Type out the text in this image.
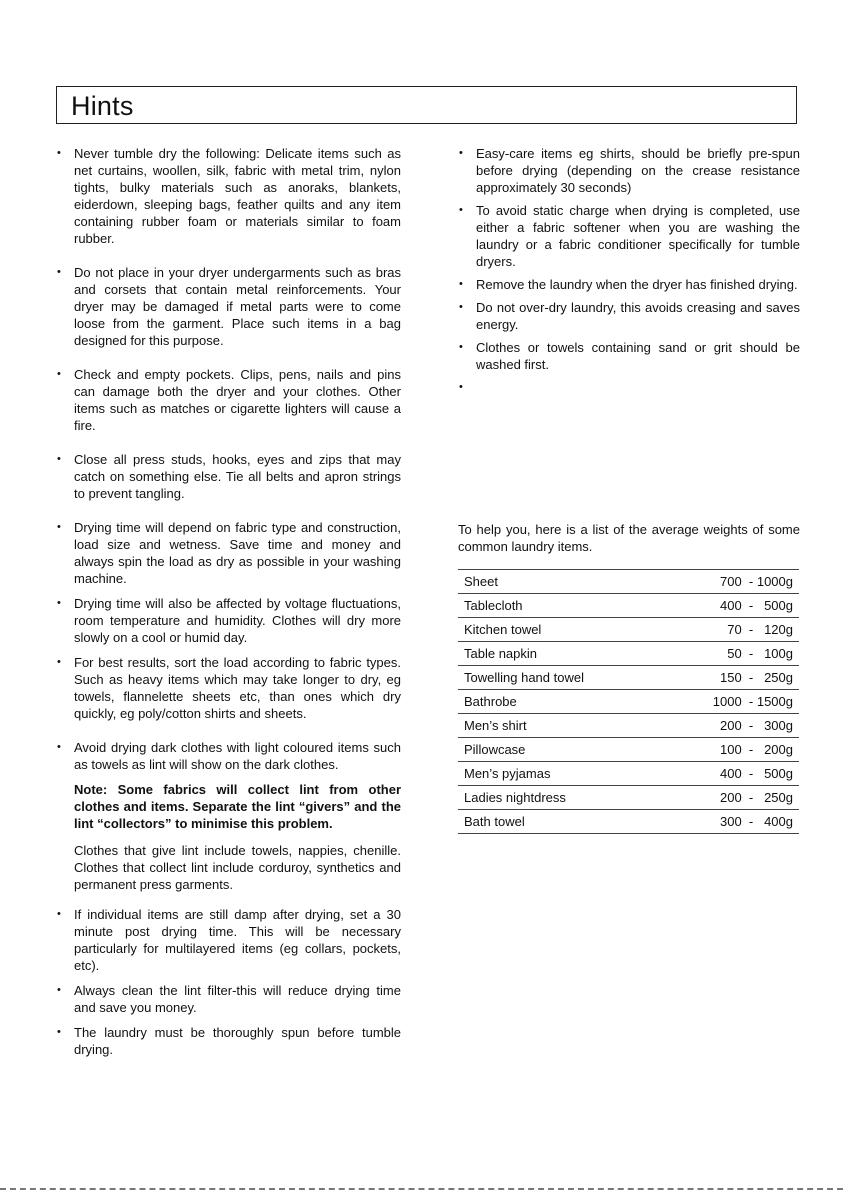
Hints
• Never tumble dry the following: Delicate items such as net curtains, woollen, silk, fabric with metal trim, nylon tights, bulky materials such as anoraks, blankets, eiderdown, sleeping bags, feather quilts and any item containing rubber foam or materials similar to foam rubber.
• Do not place in your dryer undergarments such as bras and corsets that contain metal reinforcements. Your dryer may be damaged if metal parts were to come loose from the garment. Place such items in a bag designed for this purpose.
• Check and empty pockets. Clips, pens, nails and pins can damage both the dryer and your clothes. Other items such as matches or cigarette lighters will cause a fire.
• Close all press studs, hooks, eyes and zips that may catch on something else. Tie all belts and apron strings to prevent tangling.
• Drying time will depend on fabric type and construction, load size and wetness. Save time and money and always spin the load as dry as possible in your washing machine.
• Drying time will also be affected by voltage fluctuations, room temperature and humidity. Clothes will dry more slowly on a cool or humid day.
• For best results, sort the load according to fabric types. Such as heavy items which may take longer to dry, eg towels, flannelette sheets etc, than ones which dry quickly, eg poly/cotton shirts and sheets.
• Avoid drying dark clothes with light coloured items such as towels as lint will show on the dark clothes.

Note: Some fabrics will collect lint from other clothes and items. Separate the lint “givers” and the lint “collectors” to minimise this problem.

Clothes that give lint include towels, nappies, chenille. Clothes that collect lint include corduroy, synthetics and permanent press garments.

• If individual items are still damp after drying, set a 30 minute post drying time. This will be necessary particularly for multilayered items (eg collars, pockets, etc).
• Always clean the lint filter-this will reduce drying time and save you money.
• The laundry must be thoroughly spun before tumble drying.
• Easy-care items eg shirts, should be briefly pre-spun before drying (depending on the crease resistance approximately 30 seconds)
• To avoid static charge when drying is completed, use either a fabric softener when you are washing the laundry or a fabric conditioner specifically for tumble dryers.
• Remove the laundry when the dryer has finished drying.
• Do not over-dry laundry, this avoids creasing and saves energy.
• Clothes or towels containing sand or grit should be washed first.
•

To help you, here is a list of the average weights of some common laundry items.

Sheet	700  - 1000g
Tablecloth	400  -   500g
Kitchen towel	70  -   120g
Table napkin	50  -   100g
Towelling hand towel	150  -   250g
Bathrobe	1000  - 1500g
Men’s shirt	200  -   300g
Pillowcase	100  -   200g
Men’s pyjamas	400  -   500g
Ladies nightdress	200  -   250g
Bath towel	300  -   400g
